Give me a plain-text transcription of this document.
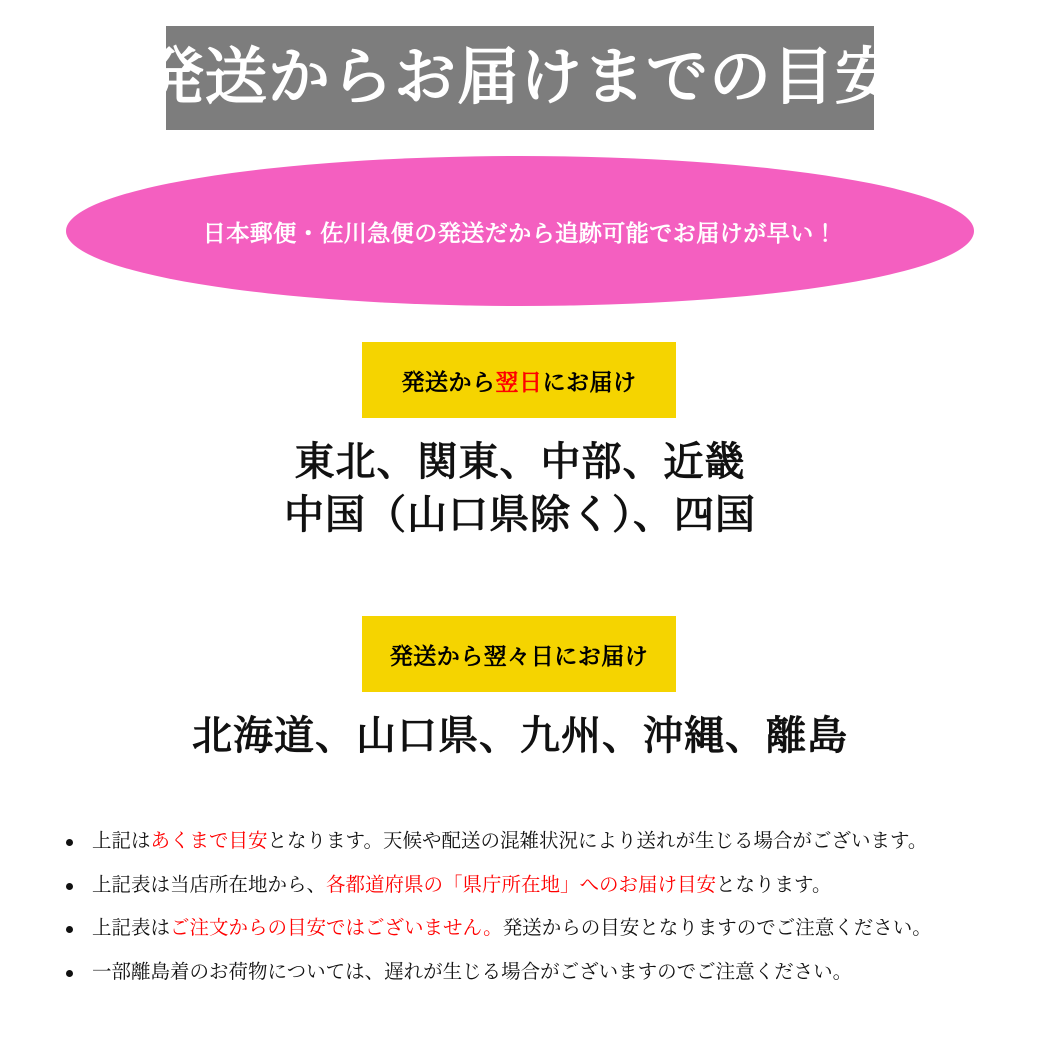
発送からお届けまでの目安
日本郵便・佐川急便の発送だから追跡可能でお届けが早い！
発送から翌日にお届け
東北、関東、中部、近畿
中国（山口県除く）、四国
発送から翌々日にお届け
北海道、山口県、九州、沖縄、離島
上記はあくまで目安となります。天候や配送の混雑状況により送れが生じる場合がございます。
上記表は当店所在地から、各都道府県の「県庁所在地」へのお届け目安となります。
上記表はご注文からの目安ではございません。発送からの目安となりますのでご注意ください。
一部離島着のお荷物については、遅れが生じる場合がございますのでご注意ください。
